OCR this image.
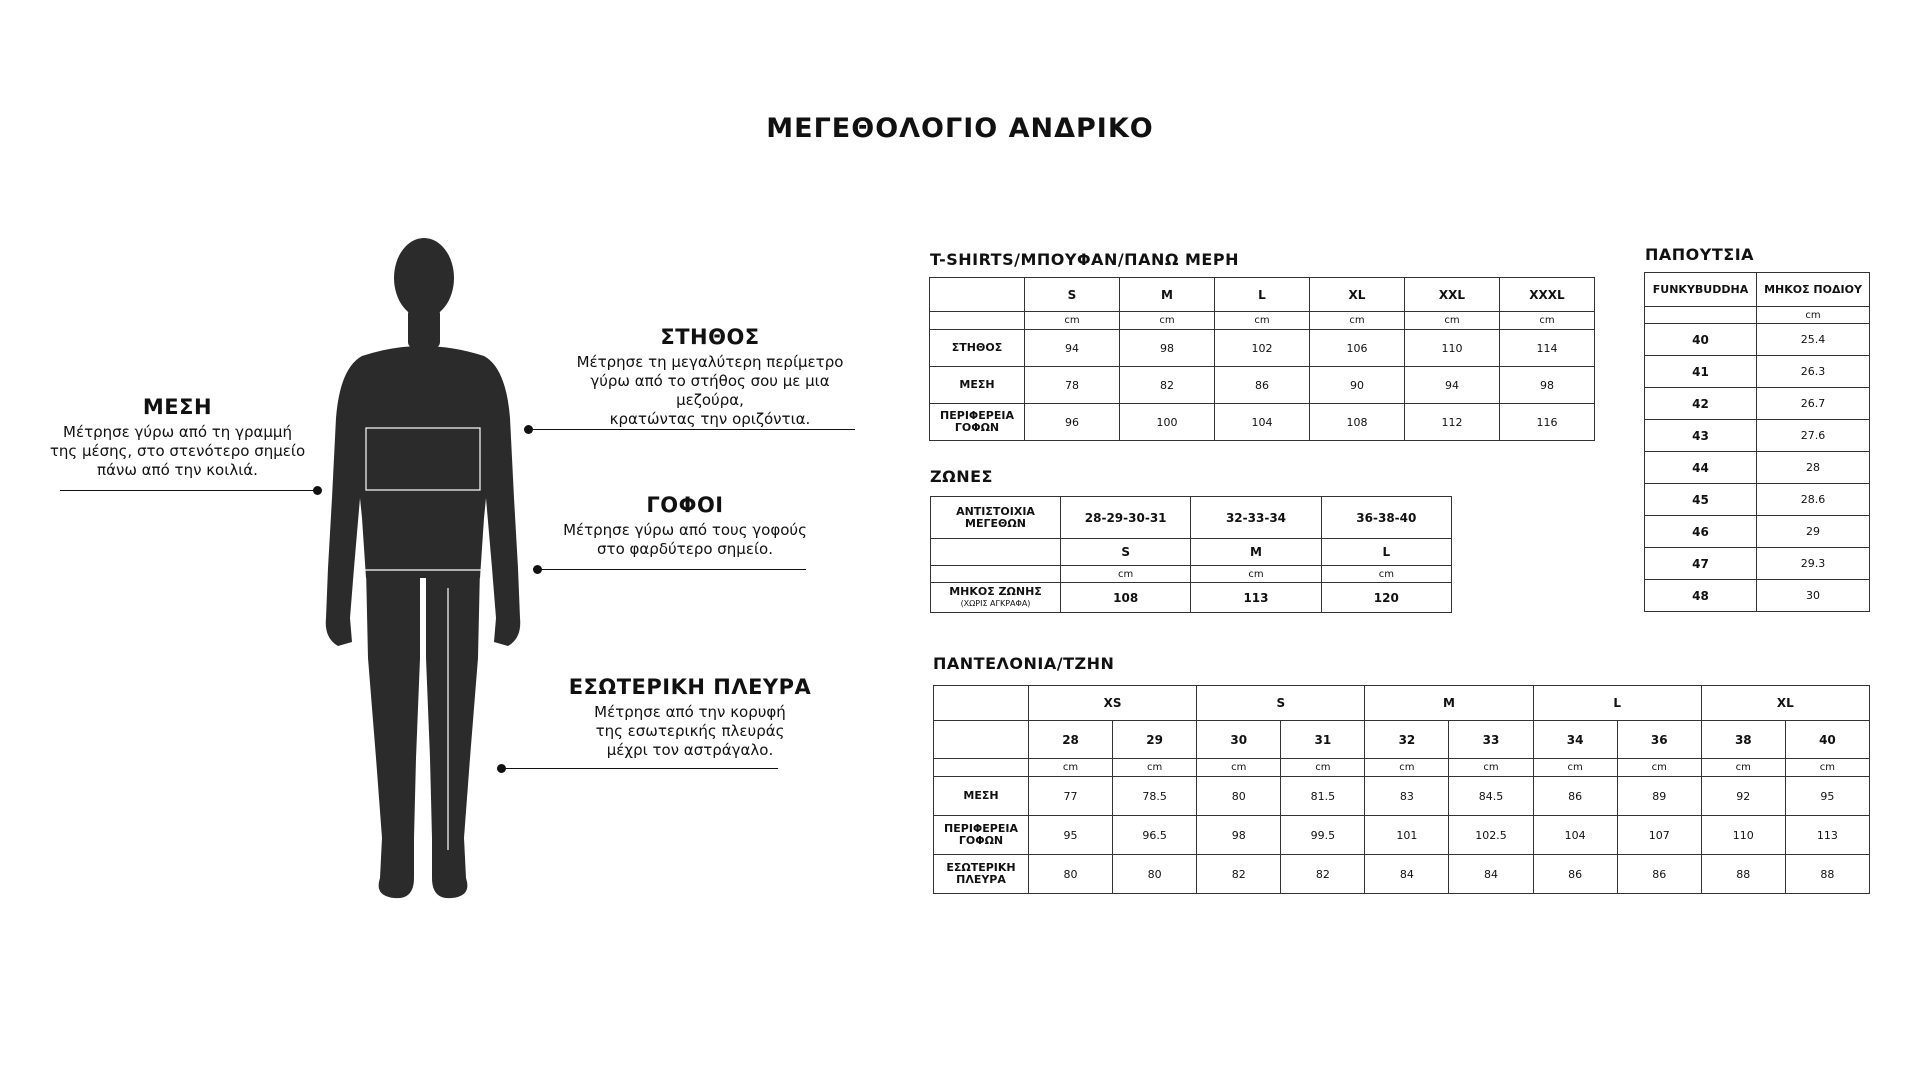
ΜΕΓΕΘΟΛΟΓΙΟ ΑΝΔΡΙΚΟ
ΣΤΗΘΟΣ

Μέτρησε τη μεγαλύτερη περίμετρο

γύρω από το στήθος σου με μια μεζούρα,

κρατώντας την οριζόντια.

ΜΕΣΗ

Μέτρησε γύρω από τη γραμμή

της μέσης, στο στενότερο σημείο

πάνω από την κοιλιά.

ΓΟΦΟΙ

Μέτρησε γύρω από τους γοφούς

στο φαρδύτερο σημείο.

ΕΣΩΤΕΡΙΚΗ ΠΛΕΥΡΑ

Μέτρησε από την κορυφή

της εσωτερικής πλευράς

μέχρι τον αστράγαλο.

T-SHIRTS/ΜΠΟΥΦΑΝ/ΠΑΝΩ ΜΕΡΗ
	S	M	L	XL	XXL	XXXL
	cm	cm	cm	cm	cm	cm
ΣΤΗΘΟΣ	94	98	102	106	110	114
ΜΕΣΗ	78	82	86	90	94	98
ΠΕΡΙΦΕΡΕΙΑ ΓΟΦΩΝ	96	100	104	108	112	116
ΖΩΝΕΣ
ΑΝΤΙΣΤΟΙΧΙΑ ΜΕΓΕΘΩΝ	28-29-30-31	32-33-34	36-38-40
	S	M	L
	cm	cm	cm
ΜΗΚΟΣ ΖΩΝΗΣ
(ΧΩΡΙΣ ΑΓΚΡΑΦΑ)	108	113	120
ΠΑΠΟΥΤΣΙΑ
FUNKYBUDDHA	ΜΗΚΟΣ ΠΟΔΙΟΥ
	cm
40	25.4
41	26.3
42	26.7
43	27.6
44	28
45	28.6
46	29
47	29.3
48	30
ΠΑΝΤΕΛΟΝΙΑ/ΤΖΗΝ
	XS		S		M		L		XL	
	28	29	30	31	32	33	34	36	38	40
	cm	cm	cm	cm	cm	cm	cm	cm	cm	cm
ΜΕΣΗ	77	78.5	80	81.5	83	84.5	86	89	92	95
ΠΕΡΙΦΕΡΕΙΑ ΓΟΦΩΝ	95	96.5	98	99.5	101	102.5	104	107	110	113
ΕΣΩΤΕΡΙΚΗ ΠΛΕΥΡΑ	80	80	82	82	84	84	86	86	88	88
